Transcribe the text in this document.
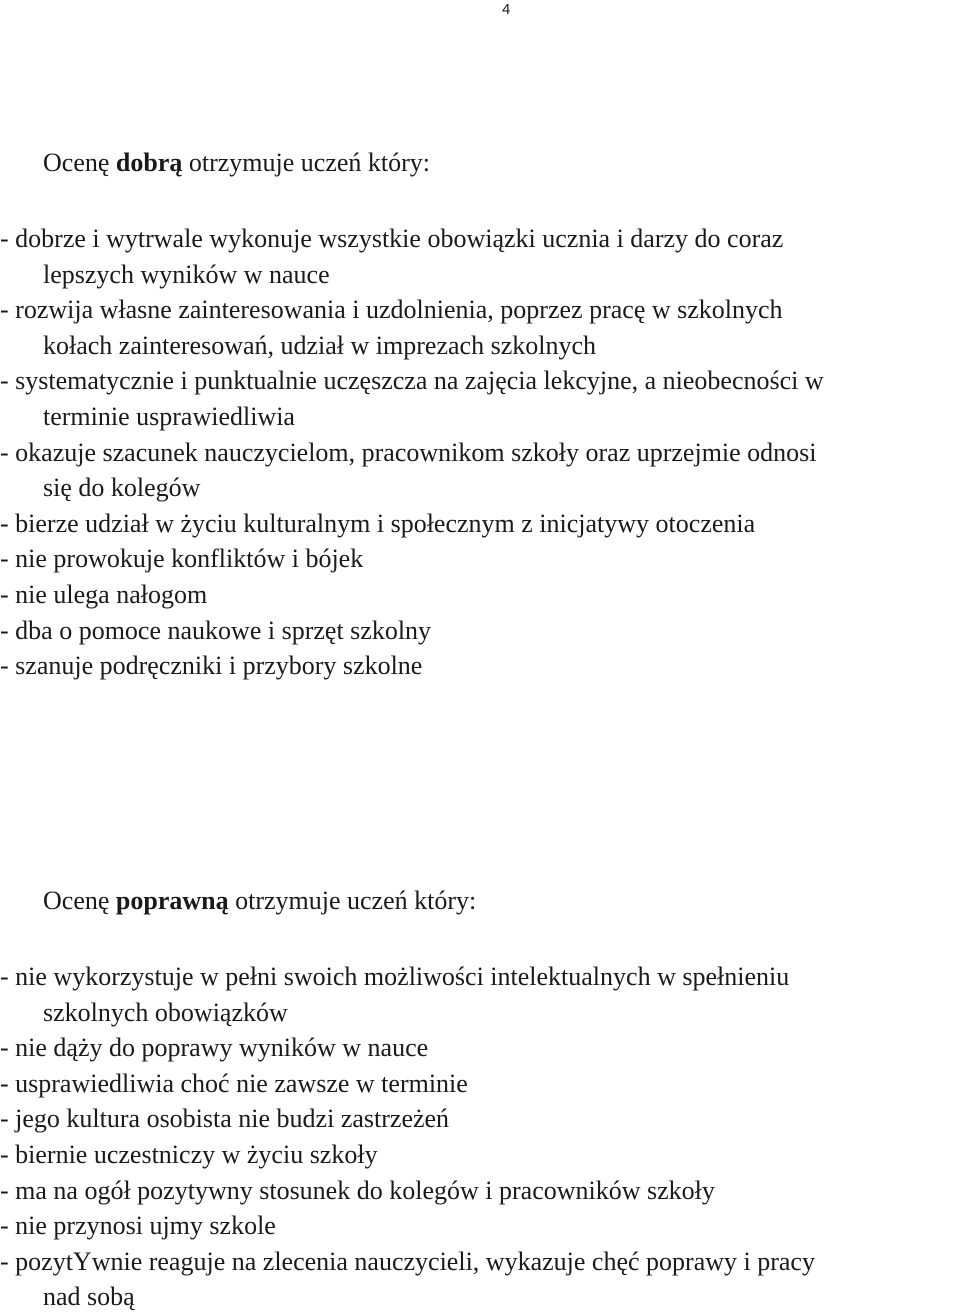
4

Ocenę dobrą otrzymuje uczeń który:

- dobrze i wytrwale wykonuje wszystkie obowiązki ucznia i darzy do coraz
lepszych wyników w nauce
- rozwija własne zainteresowania i uzdolnienia, poprzez pracę w szkolnych
kołach zainteresowań, udział w imprezach szkolnych
- systematycznie i punktualnie uczęszcza na zajęcia lekcyjne, a nieobecności w
terminie usprawiedliwia
- okazuje szacunek nauczycielom, pracownikom szkoły oraz uprzejmie odnosi
się do kolegów
- bierze udział w życiu kulturalnym i społecznym z inicjatywy otoczenia
- nie prowokuje konfliktów i bójek
- nie ulega nałogom
- dba o pomoce naukowe i sprzęt szkolny
- szanuje podręczniki i przybory szkolne

Ocenę poprawną otrzymuje uczeń który:

- nie wykorzystuje w pełni swoich możliwości intelektualnych w spełnieniu
szkolnych obowiązków
- nie dąży do poprawy wyników w nauce
- usprawiedliwia choć nie zawsze w terminie
- jego kultura osobista nie budzi zastrzeżeń
- biernie uczestniczy w życiu szkoły
- ma na ogół pozytywny stosunek do kolegów i pracowników szkoły
- nie przynosi ujmy szkole
- pozytYwnie reaguje na zlecenia nauczycieli, wykazuje chęć poprawy i pracy
nad sobą
